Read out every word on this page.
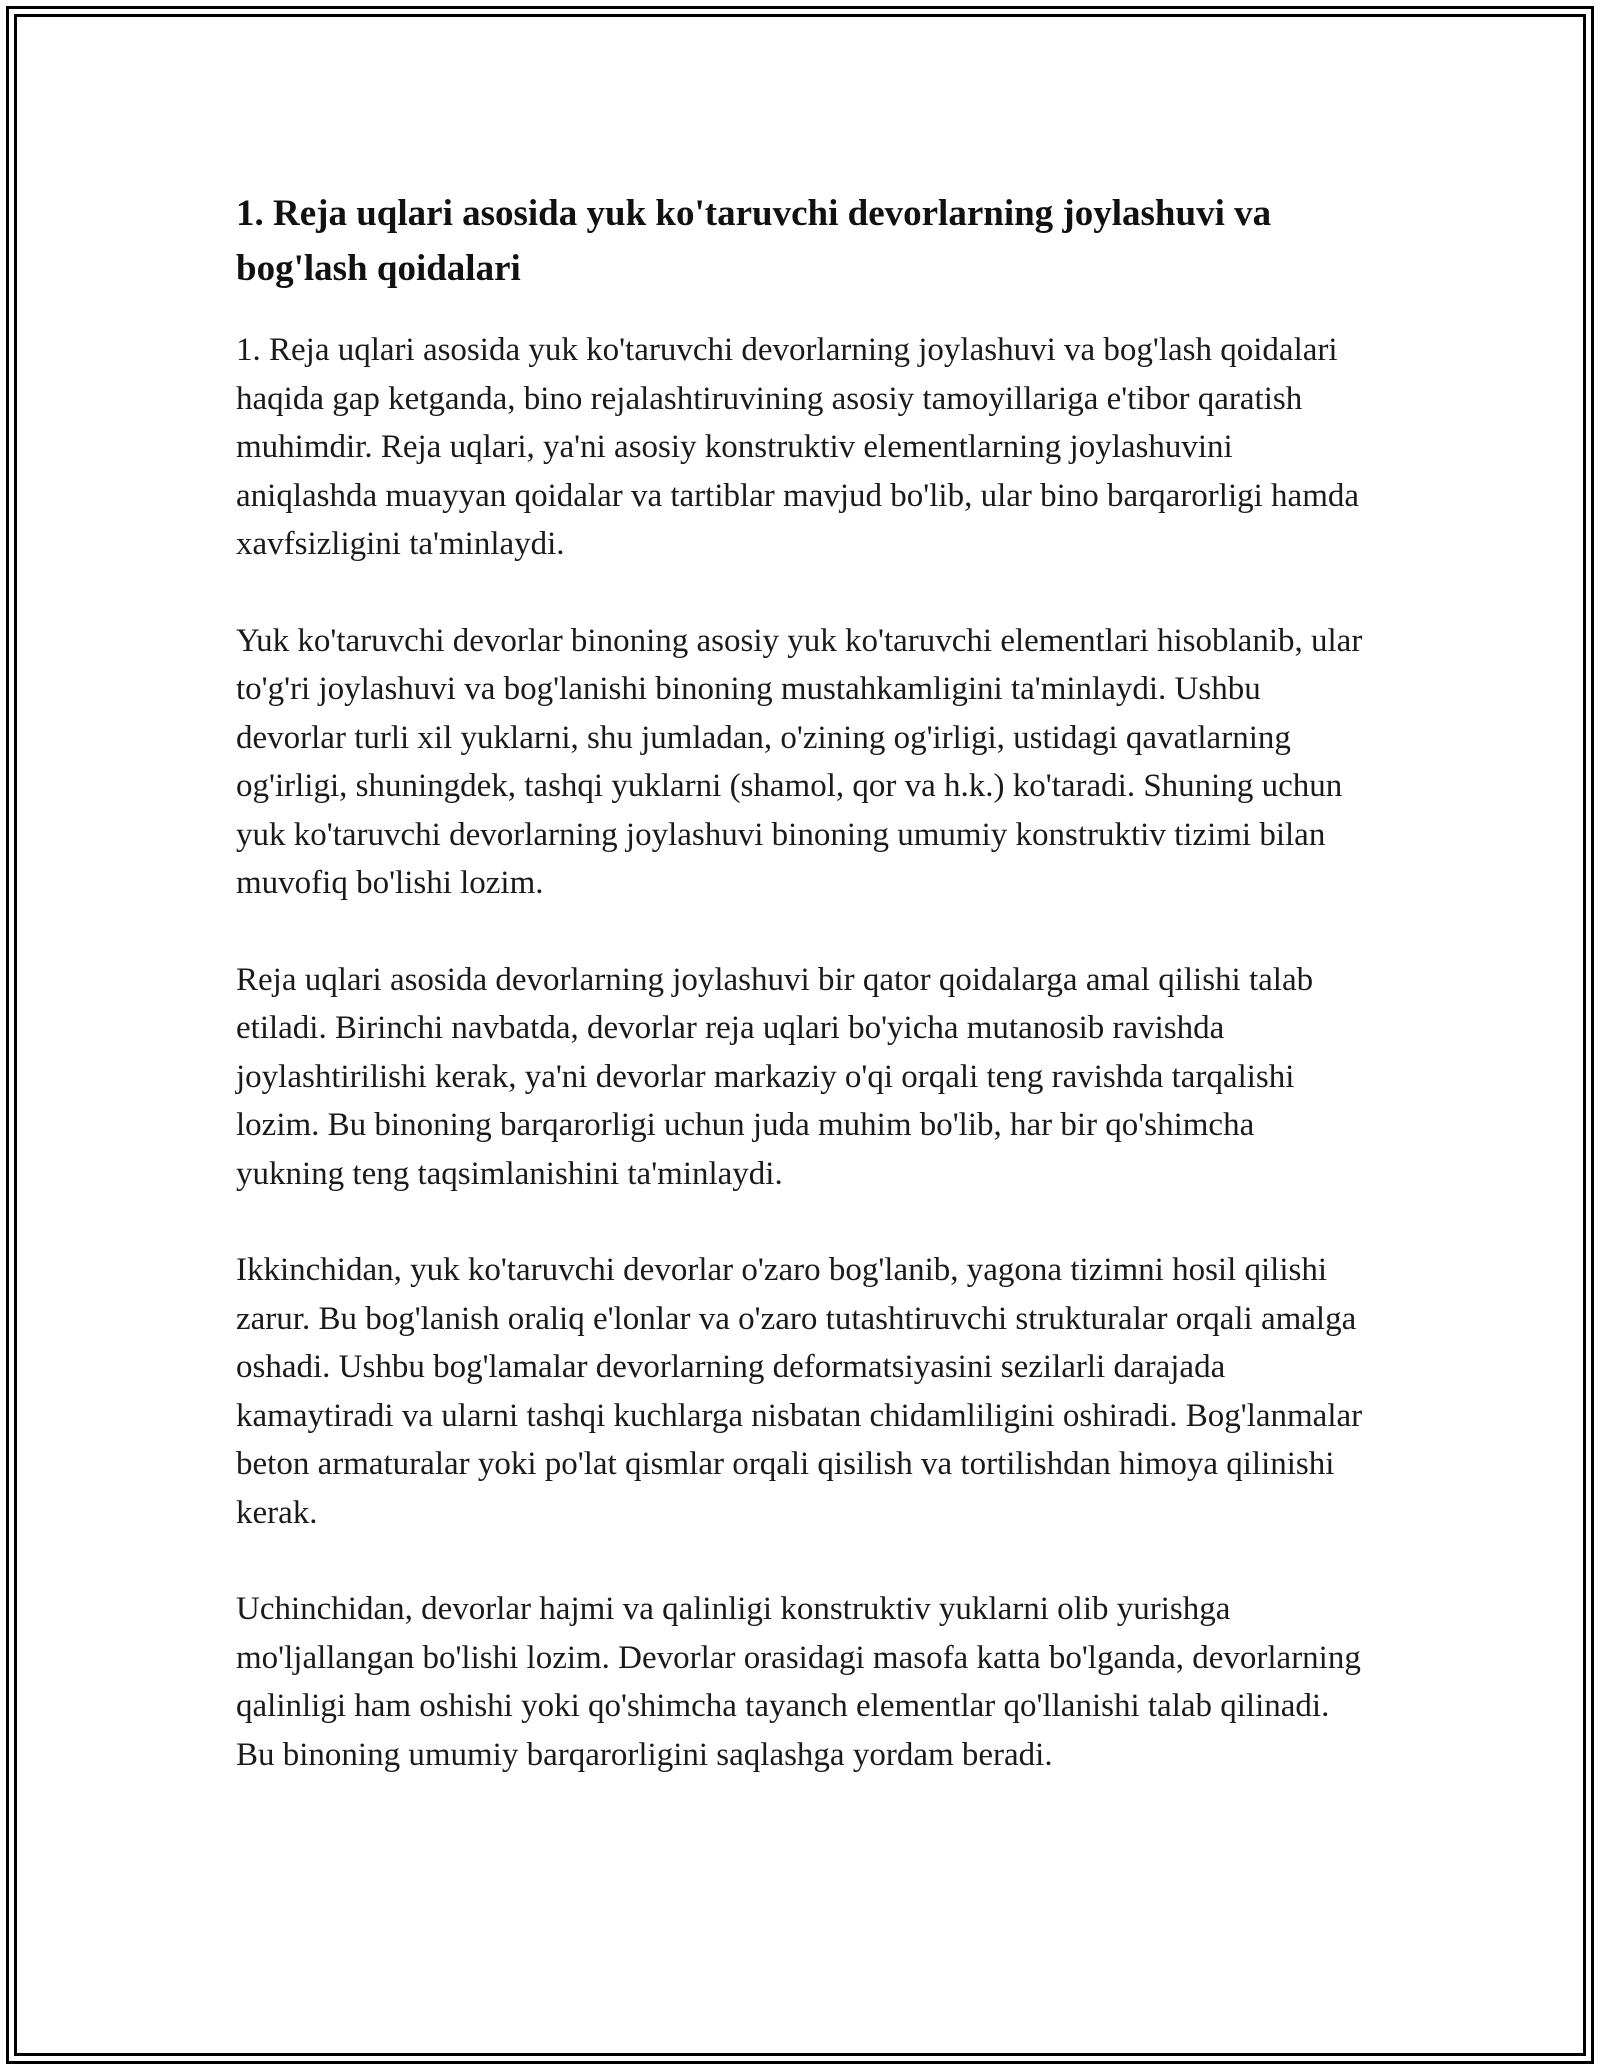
1. Reja uqlari asosida yuk ko'taruvchi devorlarning joylashuvi va bog'lash qoidalari

1. Reja uqlari asosida yuk ko'taruvchi devorlarning joylashuvi va bog'lash qoidalari haqida gap ketganda, bino rejalashtiruvining asosiy tamoyillariga e'tibor qaratish muhimdir. Reja uqlari, ya'ni asosiy konstruktiv elementlarning joylashuvini aniqlashda muayyan qoidalar va tartiblar mavjud bo'lib, ular bino barqarorligi hamda xavfsizligini ta'minlaydi.

Yuk ko'taruvchi devorlar binoning asosiy yuk ko'taruvchi elementlari hisoblanib, ular to'g'ri joylashuvi va bog'lanishi binoning mustahkamligini ta'minlaydi. Ushbu devorlar turli xil yuklarni, shu jumladan, o'zining og'irligi, ustidagi qavatlarning og'irligi, shuningdek, tashqi yuklarni (shamol, qor va h.k.) ko'taradi. Shuning uchun yuk ko'taruvchi devorlarning joylashuvi binoning umumiy konstruktiv tizimi bilan muvofiq bo'lishi lozim.

Reja uqlari asosida devorlarning joylashuvi bir qator qoidalarga amal qilishi talab etiladi. Birinchi navbatda, devorlar reja uqlari bo'yicha mutanosib ravishda joylashtirilishi kerak, ya'ni devorlar markaziy o'qi orqali teng ravishda tarqalishi lozim. Bu binoning barqarorligi uchun juda muhim bo'lib, har bir qo'shimcha yukning teng taqsimlanishini ta'minlaydi.

Ikkinchidan, yuk ko'taruvchi devorlar o'zaro bog'lanib, yagona tizimni hosil qilishi zarur. Bu bog'lanish oraliq e'lonlar va o'zaro tutashtiruvchi strukturalar orqali amalga oshadi. Ushbu bog'lamalar devorlarning deformatsiyasini sezilarli darajada kamaytiradi va ularni tashqi kuchlarga nisbatan chidamliligini oshiradi. Bog'lanmalar beton armaturalar yoki po'lat qismlar orqali qisilish va tortilishdan himoya qilinishi kerak.

Uchinchidan, devorlar hajmi va qalinligi konstruktiv yuklarni olib yurishga mo'ljallangan bo'lishi lozim. Devorlar orasidagi masofa katta bo'lganda, devorlarning qalinligi ham oshishi yoki qo'shimcha tayanch elementlar qo'llanishi talab qilinadi. Bu binoning umumiy barqarorligini saqlashga yordam beradi.
